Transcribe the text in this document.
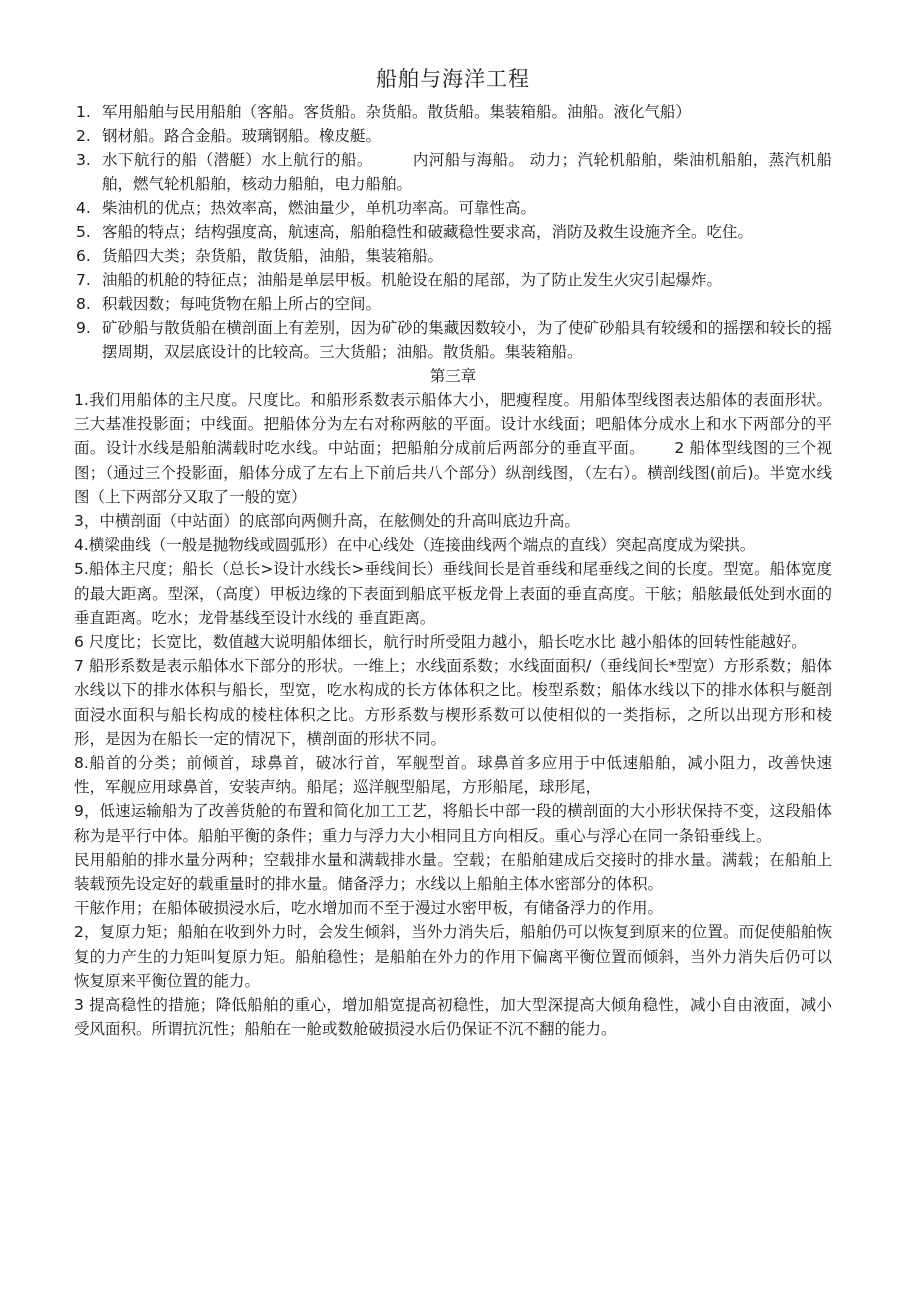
船舶与海洋工程
1. 军用船舶与民用船舶（客船。客货船。杂货船。散货船。集装箱船。油船。液化气船）
2. 钢材船。路合金船。玻璃钢船。橡皮艇。
3. 水下航行的船（潜艇）水上航行的船。　　　内河船与海船。 动力；汽轮机船舶，柴油机船舶，蒸汽机船舶，燃气轮机船舶，核动力船舶，电力船舶。
4. 柴油机的优点；热效率高，燃油量少，单机功率高。可靠性高。
5. 客船的特点；结构强度高，航速高，船舶稳性和破藏稳性要求高，消防及救生设施齐全。吃住。
6. 货船四大类；杂货船，散货船，油船，集装箱船。
7. 油船的机舱的特征点；油船是单层甲板。机舱设在船的尾部，为了防止发生火灾引起爆炸。
8. 积载因数；每吨货物在船上所占的空间。
9. 矿砂船与散货船在横剖面上有差别，因为矿砂的集藏因数较小，为了使矿砂船具有较缓和的摇摆和较长的摇摆周期，双层底设计的比较高。三大货船；油船。散货船。集装箱船。
第三章

1.我们用船体的主尺度。尺度比。和船形系数表示船体大小，肥瘦程度。用船体型线图表达船体的表面形状。三大基准投影面；中线面。把船体分为左右对称两舷的平面。设计水线面；吧船体分成水上和水下两部分的平面。设计水线是船舶满载时吃水线。中站面；把船舶分成前后两部分的垂直平面。　　 2 船体型线图的三个视图；（通过三个投影面，船体分成了左右上下前后共八个部分）纵剖线图，（左右）。横剖线图(前后)。半宽水线图（上下两部分又取了一般的宽）

3，中横剖面（中站面）的底部向两侧升高，在舷侧处的升高叫底边升高。

4.横梁曲线（一般是抛物线或圆弧形）在中心线处（连接曲线两个端点的直线）突起高度成为梁拱。

5.船体主尺度；船长（总长>设计水线长>垂线间长）垂线间长是首垂线和尾垂线之间的长度。型宽。船体宽度的最大距离。型深，（高度）甲板边缘的下表面到船底平板龙骨上表面的垂直高度。干舷；船舷最低处到水面的垂直距离。吃水；龙骨基线至设计水线的 垂直距离。

6 尺度比；长宽比，数值越大说明船体细长，航行时所受阻力越小，船长吃水比 越小船体的回转性能越好。

7 船形系数是表示船体水下部分的形状。一维上；水线面系数；水线面面积/（垂线间长*型宽）方形系数；船体水线以下的排水体积与船长，型宽，吃水构成的长方体体积之比。梭型系数；船体水线以下的排水体积与艇剖面浸水面积与船长构成的棱柱体积之比。方形系数与楔形系数可以使相似的一类指标，之所以出现方形和棱形，是因为在船长一定的情况下，横剖面的形状不同。

8.船首的分类；前倾首，球鼻首，破冰行首，军舰型首。球鼻首多应用于中低速船舶，减小阻力，改善快速性，军舰应用球鼻首，安装声纳。船尾；巡洋舰型船尾，方形船尾，球形尾，

9，低速运输船为了改善货舱的布置和简化加工工艺，将船长中部一段的横剖面的大小形状保持不变，这段船体称为是平行中体。船舶平衡的条件；重力与浮力大小相同且方向相反。重心与浮心在同一条铅垂线上。

民用船舶的排水量分两种；空载排水量和满载排水量。空载；在船舶建成后交接时的排水量。满载；在船舶上装载预先设定好的载重量时的排水量。储备浮力；水线以上船舶主体水密部分的体积。

干舷作用；在船体破损浸水后，吃水增加而不至于漫过水密甲板，有储备浮力的作用。

2，复原力矩；船舶在收到外力时，会发生倾斜，当外力消失后，船舶仍可以恢复到原来的位置。而促使船舶恢复的力产生的力矩叫复原力矩。船舶稳性；是船舶在外力的作用下偏离平衡位置而倾斜，当外力消失后仍可以恢复原来平衡位置的能力。

3 提高稳性的措施；降低船舶的重心，增加船宽提高初稳性，加大型深提高大倾角稳性，减小自由液面，减小受风面积。所谓抗沉性；船舶在一舱或数舱破损浸水后仍保证不沉不翻的能力。
